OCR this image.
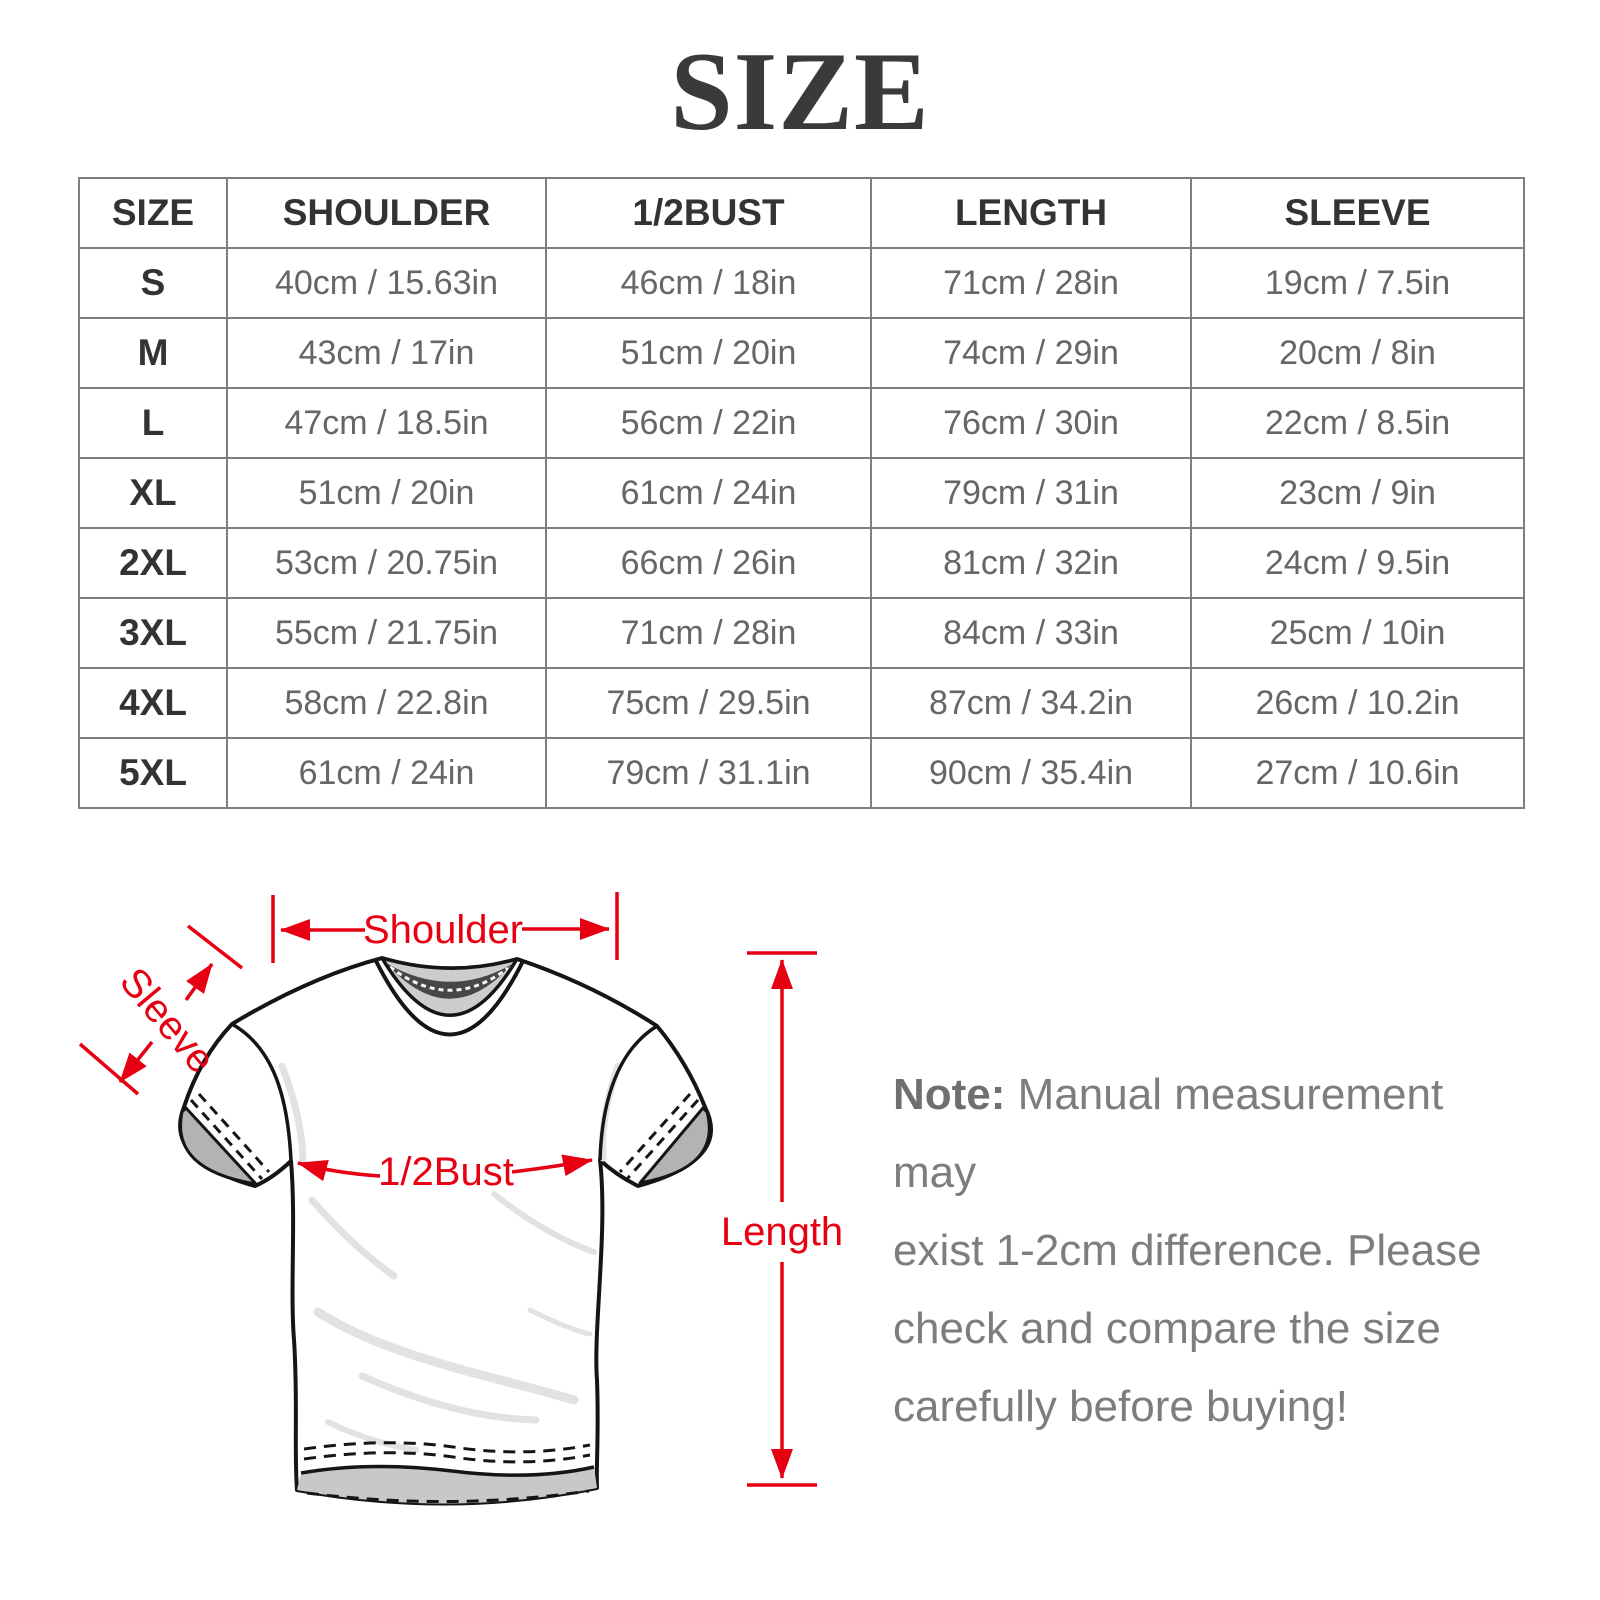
SIZE
SIZE	SHOULDER	1/2BUST	LENGTH	SLEEVE
S	40cm / 15.63in	46cm / 18in	71cm / 28in	19cm / 7.5in
M	43cm / 17in	51cm / 20in	74cm / 29in	20cm / 8in
L	47cm / 18.5in	56cm / 22in	76cm / 30in	22cm / 8.5in
XL	51cm / 20in	61cm / 24in	79cm / 31in	23cm / 9in
2XL	53cm / 20.75in	66cm / 26in	81cm / 32in	24cm / 9.5in
3XL	55cm / 21.75in	71cm / 28in	84cm / 33in	25cm / 10in
4XL	58cm / 22.8in	75cm / 29.5in	87cm / 34.2in	26cm / 10.2in
5XL	61cm / 24in	79cm / 31.1in	90cm / 35.4in	27cm / 10.6in
Shoulder
Sleeve
1/2Bust
Length

Note: Manual measurement may

exist 1-2cm difference. Please

check and compare the size

carefully before buying!
